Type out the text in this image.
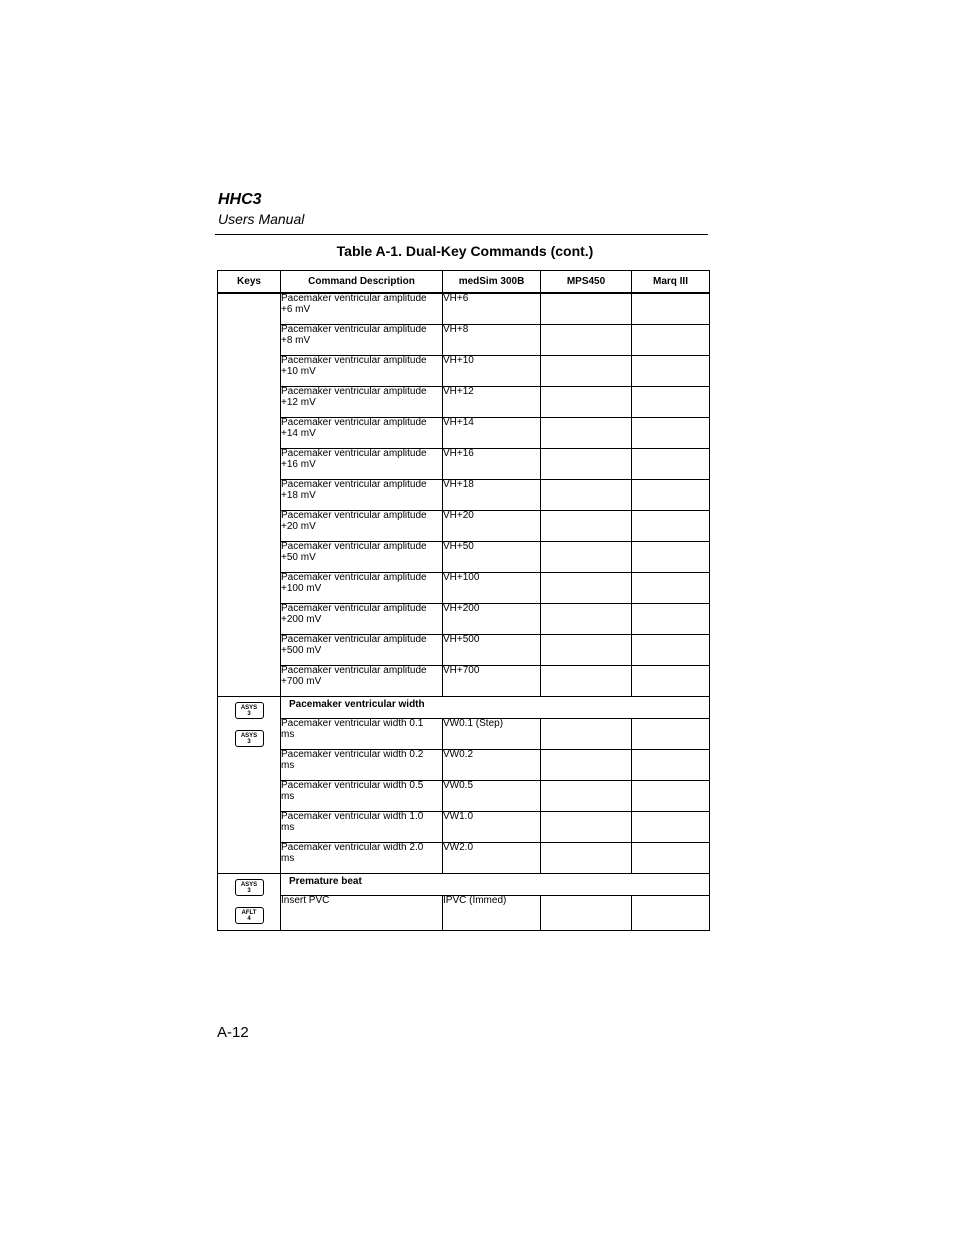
HHC3
Users Manual
Table A-1. Dual-Key Commands (cont.)
Keys	Command Description	medSim 300B	MPS450	Marq III
	Pacemaker ventricular amplitude
+6 mV	VH+6		

	Pacemaker ventricular amplitude
+8 mV	VH+8		

	Pacemaker ventricular amplitude
+10 mV	VH+10		

	Pacemaker ventricular amplitude
+12 mV	VH+12		

	Pacemaker ventricular amplitude
+14 mV	VH+14		

	Pacemaker ventricular amplitude
+16 mV	VH+16		

	Pacemaker ventricular amplitude
+18 mV	VH+18		

	Pacemaker ventricular amplitude
+20 mV	VH+20		

	Pacemaker ventricular amplitude
+50 mV	VH+50		

	Pacemaker ventricular amplitude
+100 mV	VH+100		

	Pacemaker ventricular amplitude
+200 mV	VH+200		

	Pacemaker ventricular amplitude
+500 mV	VH+500		

	Pacemaker ventricular amplitude
+700 mV	VH+700		

ASYS
3
ASYS
3	Pacemaker ventricular width			
	Pacemaker ventricular width 0.1
ms	VW0.1 (Step)		

	Pacemaker ventricular width 0.2
ms	VW0.2		

	Pacemaker ventricular width 0.5
ms	VW0.5		

	Pacemaker ventricular width 1.0
ms	VW1.0		

	Pacemaker ventricular width 2.0
ms	VW2.0		

ASYS
3
AFLT
4	Premature beat			
	Insert PVC	IPVC (Immed)		

A-12
